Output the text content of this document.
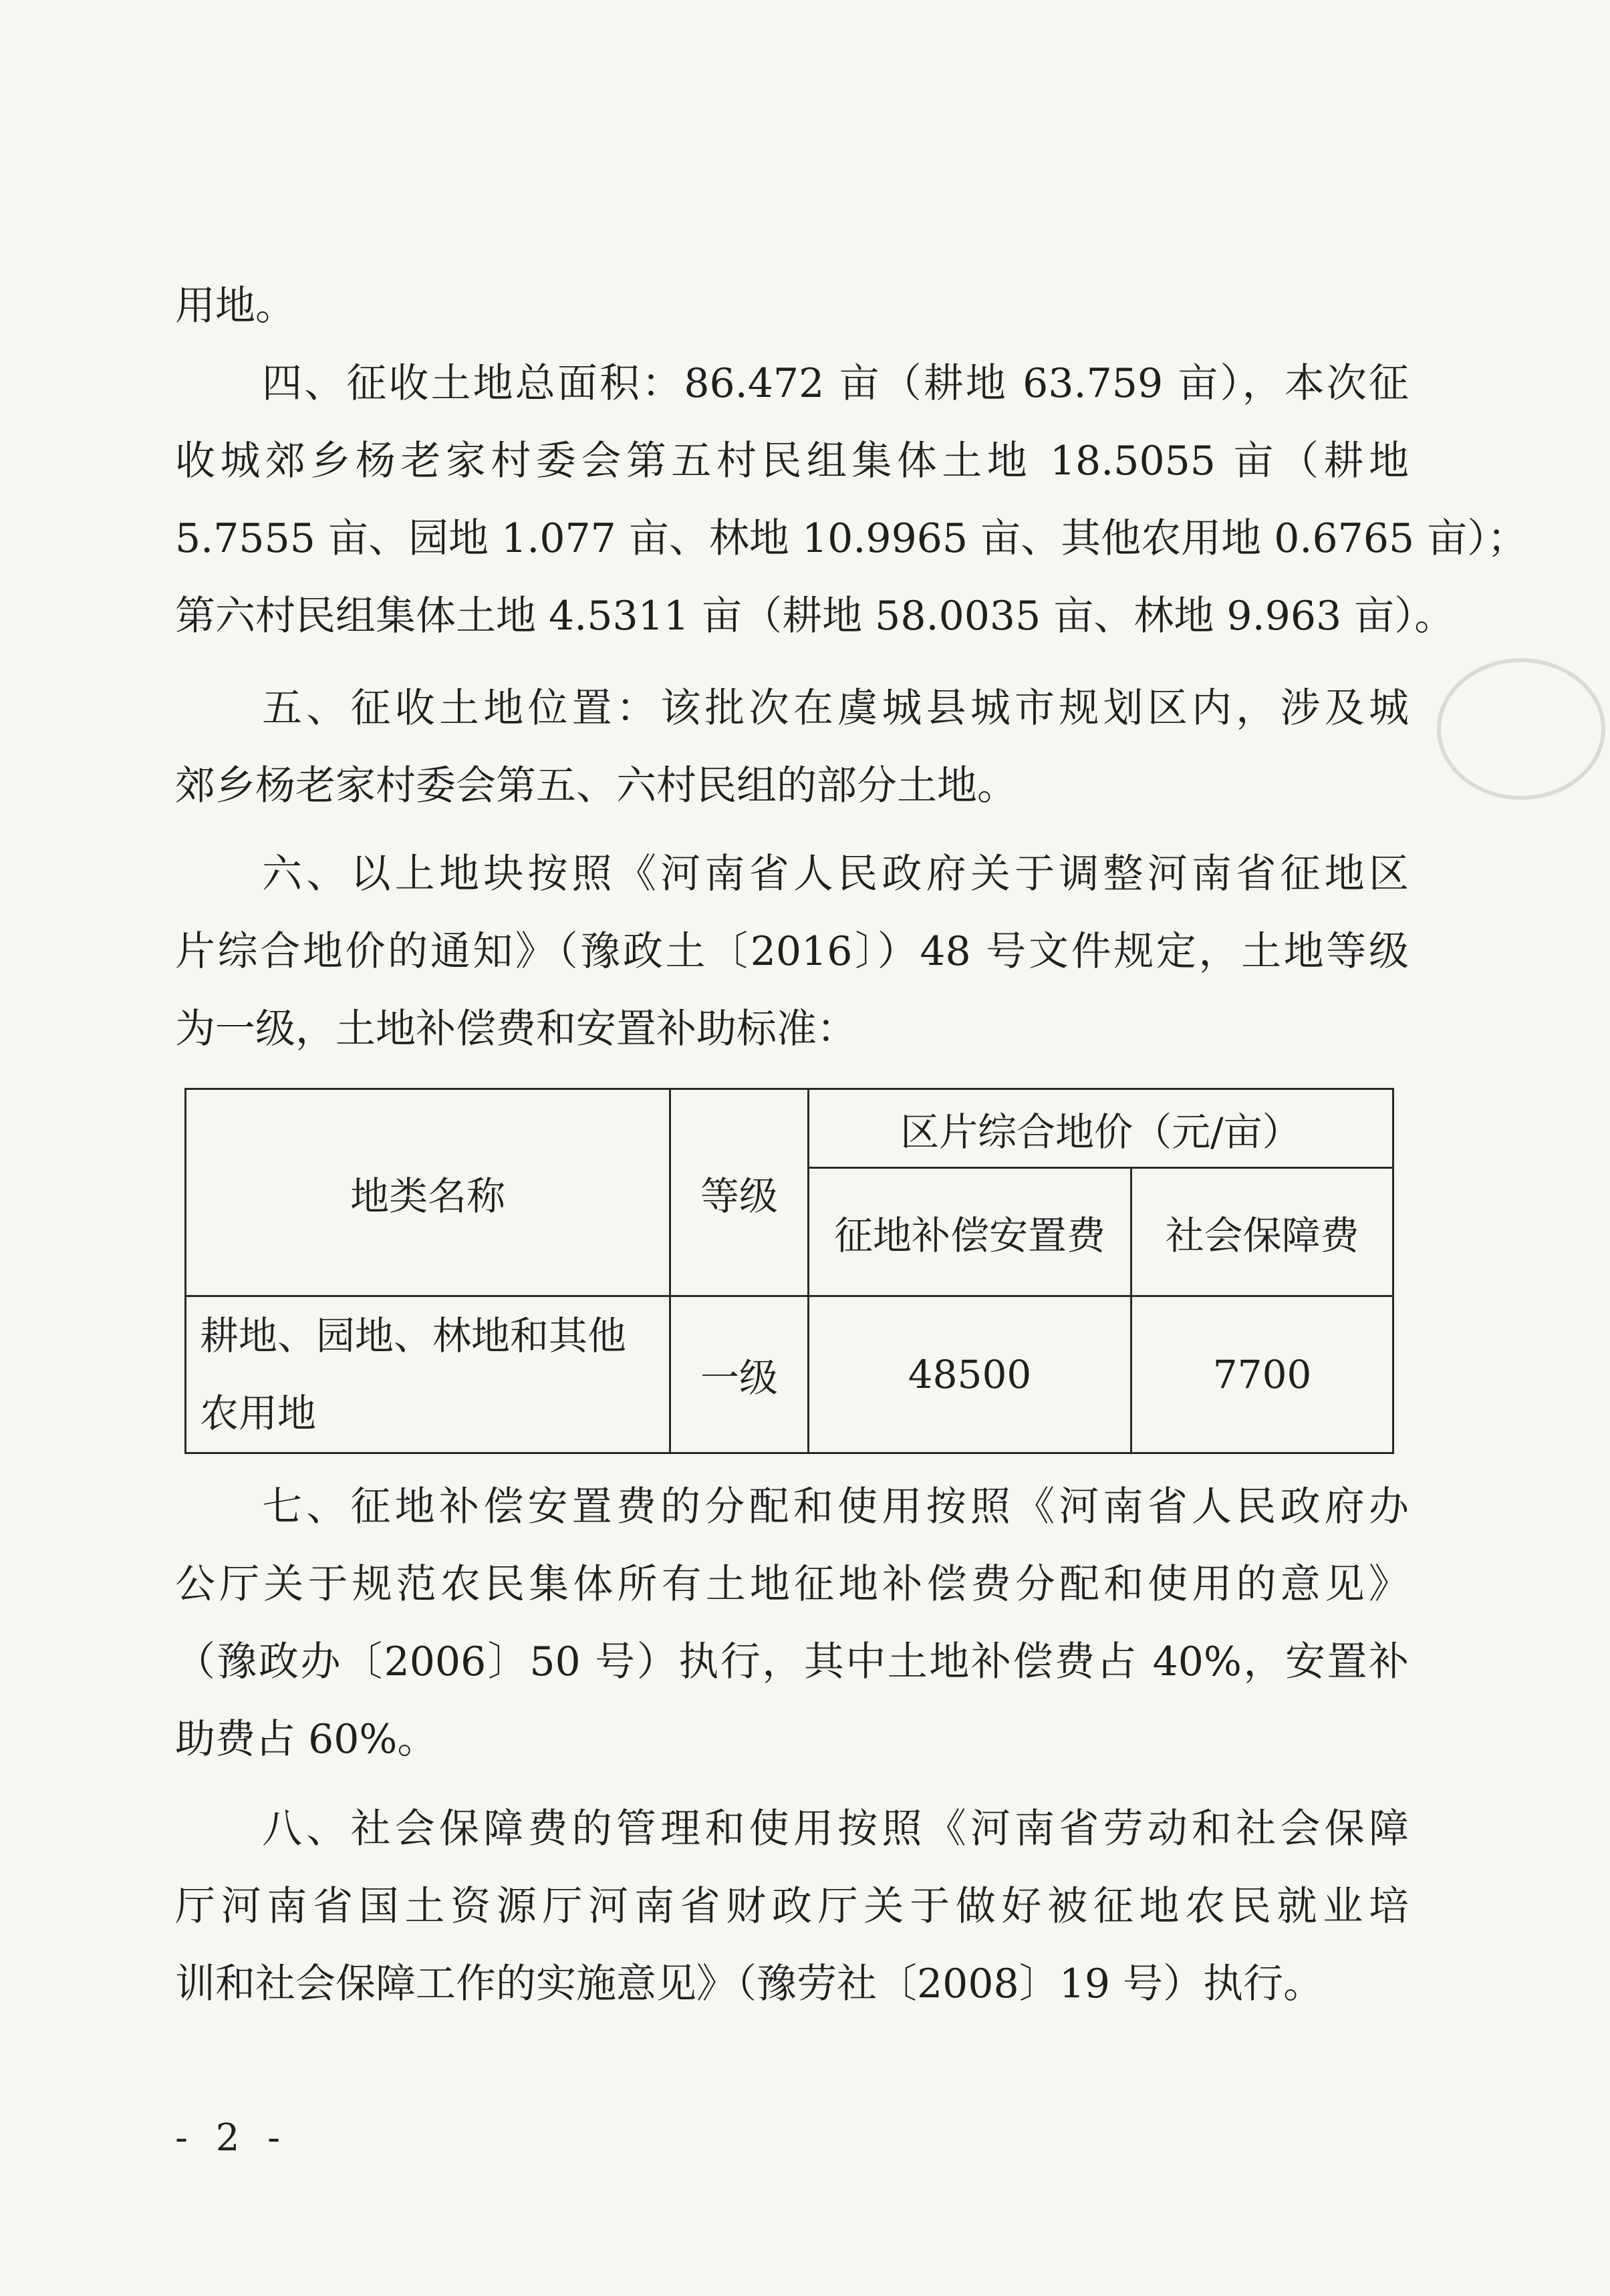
用地。
四、征收土地总面积：86.472 亩（耕地 63.759 亩），本次征
收城郊乡杨老家村委会第五村民组集体土地 18.5055 亩（耕地
5.7555 亩、园地 1.077 亩、林地 10.9965 亩、其他农用地 0.6765 亩）；
第六村民组集体土地 4.5311 亩（耕地 58.0035 亩、林地 9.963 亩）。
五、征收土地位置：该批次在虞城县城市规划区内，涉及城
郊乡杨老家村委会第五、六村民组的部分土地。
六、以上地块按照《河南省人民政府关于调整河南省征地区
片综合地价的通知》（豫政土〔2016〕）48 号文件规定，土地等级
为一级，土地补偿费和安置补助标准：
地类名称	等级	区片综合地价（元/亩）	
		征地补偿安置费	社会保障费

耕地、园地、林地和其他
农用地	一级	48500	7700
七、征地补偿安置费的分配和使用按照《河南省人民政府办
公厅关于规范农民集体所有土地征地补偿费分配和使用的意见》
（豫政办〔2006〕50 号）执行，其中土地补偿费占 40%，安置补
助费占 60%。
八、社会保障费的管理和使用按照《河南省劳动和社会保障
厅河南省国土资源厅河南省财政厅关于做好被征地农民就业培
训和社会保障工作的实施意见》（豫劳社〔2008〕19 号）执行。
- 2 -
